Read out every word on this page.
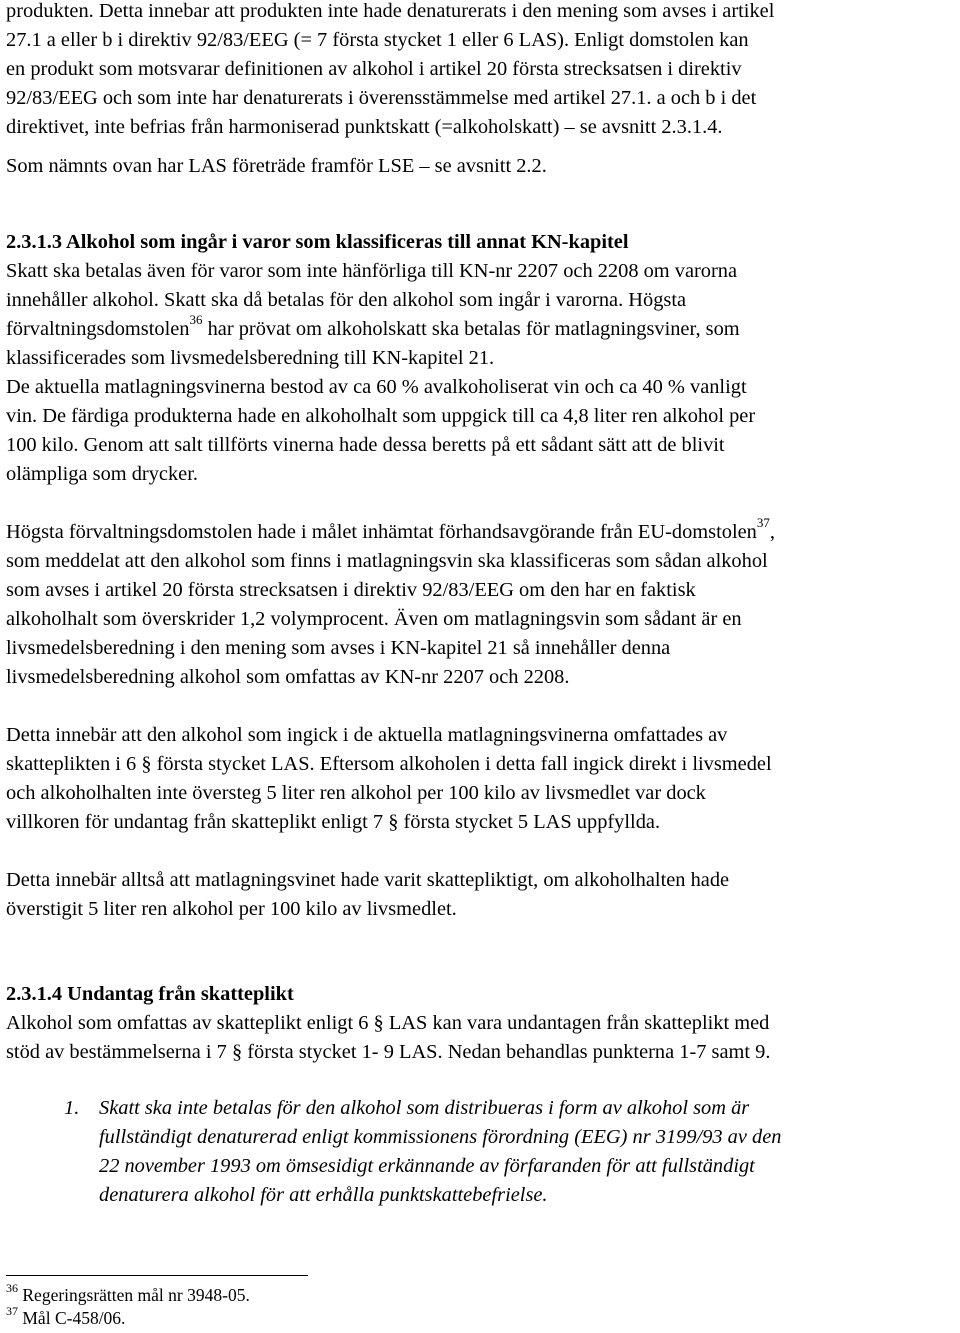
produkten. Detta innebar att produkten inte hade denaturerats i den mening som avses i artikel
27.1 a eller b i direktiv 92/83/EEG (= 7 första stycket 1 eller 6 LAS). Enligt domstolen kan
en produkt som motsvarar definitionen av alkohol i artikel 20 första strecksatsen i direktiv
92/83/EEG och som inte har denaturerats i överensstämmelse med artikel 27.1. a och b i det
direktivet, inte befrias från harmoniserad punktskatt (=alkoholskatt) – se avsnitt 2.3.1.4.

Som nämnts ovan har LAS företräde framför LSE – se avsnitt 2.2.

2.3.1.3 Alkohol som ingår i varor som klassificeras till annat KN-kapitel
Skatt ska betalas även för varor som inte hänförliga till KN-nr 2207 och 2208 om varorna
innehåller alkohol. Skatt ska då betalas för den alkohol som ingår i varorna. Högsta
förvaltningsdomstolen$^{36}$ har prövat om alkoholskatt ska betalas för matlagningsviner, som
klassificerades som livsmedelsberedning till KN-kapitel 21.
De aktuella matlagningsvinerna bestod av ca 60 % avalkoholiserat vin och ca 40 % vanligt
vin. De färdiga produkterna hade en alkoholhalt som uppgick till ca 4,8 liter ren alkohol per
100 kilo. Genom att salt tillförts vinerna hade dessa beretts på ett sådant sätt att de blivit
olämpliga som drycker.

Högsta förvaltningsdomstolen hade i målet inhämtat förhandsavgörande från EU-domstolen$^{37}$,
som meddelat att den alkohol som finns i matlagningsvin ska klassificeras som sådan alkohol
som avses i artikel 20 första strecksatsen i direktiv 92/83/EEG om den har en faktisk
alkoholhalt som överskrider 1,2 volymprocent. Även om matlagningsvin som sådant är en
livsmedelsberedning i den mening som avses i KN-kapitel 21 så innehåller denna
livsmedelsberedning alkohol som omfattas av KN-nr 2207 och 2208.

Detta innebär att den alkohol som ingick i de aktuella matlagningsvinerna omfattades av
skatteplikten i 6 § första stycket LAS. Eftersom alkoholen i detta fall ingick direkt i livsmedel
och alkoholhalten inte översteg 5 liter ren alkohol per 100 kilo av livsmedlet var dock
villkoren för undantag från skatteplikt enligt 7 § första stycket 5 LAS uppfyllda.

Detta innebär alltså att matlagningsvinet hade varit skattepliktigt, om alkoholhalten hade
överstigit 5 liter ren alkohol per 100 kilo av livsmedlet.

2.3.1.4 Undantag från skatteplikt
Alkohol som omfattas av skatteplikt enligt 6 § LAS kan vara undantagen från skatteplikt med
stöd av bestämmelserna i 7 § första stycket 1- 9 LAS. Nedan behandlas punkterna 1-7 samt 9.

1. Skatt ska inte betalas för den alkohol som distribueras i form av alkohol som är
fullständigt denaturerad enligt kommissionens förordning (EEG) nr 3199/93 av den
22 november 1993 om ömsesidigt erkännande av förfaranden för att fullständigt
denaturera alkohol för att erhålla punktskattebefrielse.
$^{36}$ Regeringsrätten mål nr 3948-05.
$^{37}$ Mål C-458/06.
